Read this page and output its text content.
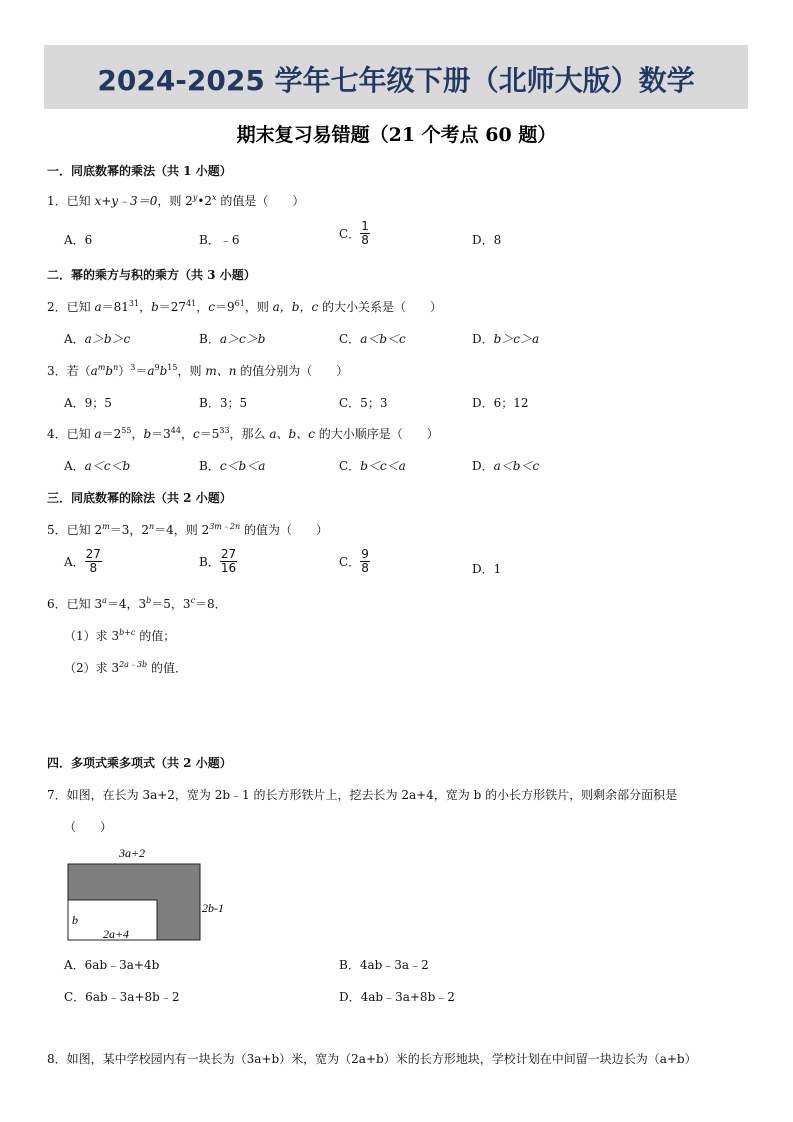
2024-2025 学年七年级下册（北师大版）数学
期末复习易错题（21 个考点 60 题）
一．同底数幂的乘法（共 1 小题）
1．已知 x+y﹣3＝0，则 2$^y$•2$^x$ 的值是（　　）
A．6	B．﹣6	C． $\frac{1}{8}$	D．8
二．幂的乘方与积的乘方（共 3 小题）
2．已知 $a=81^{31}$，$b=27^{41}$，$c=9^{61}$，则 a，b，c 的大小关系是（　　）
A．a＞b＞c	B．a＞c＞b	C．a＜b＜c	D．b＞c＞a
3．若$(a^mb^n)^3=a^9b^{15}$，则 m、n 的值分别为（　　）
A．9；5	B．3；5	C．5；3	D．6；12
4．已知 $a=2^{55}$，$b=3^{44}$，$c=5^{33}$，那么 a、b、c 的大小顺序是（　　）
A．a＜c＜b	B．c＜b＜a	C．b＜c＜a	D．a＜b＜c
三．同底数幂的除法（共 2 小题）
5．已知 $2^m=3$，$2^n=4$，则 $2^{3m﹣2n}$ 的值为（　　）
A． $\frac{27}{8}$	B． $\frac{27}{16}$	C． $\frac{9}{8}$	D．1
6．已知 $3^a=4$，$3^b=5$，$3^c=8$．
（1）求 $3^{b+c}$ 的值；
（2）求 $3^{2a﹣3b}$ 的值．
四．多项式乘多项式（共 2 小题）
7．如图，在长为 3a+2，宽为 2b﹣1 的长方形铁片上，挖去长为 2a+4，宽为 b 的小长方形铁片，则剩余部分面积是
（　　）
3a+2
2b-1
b
2a+4
A．6ab﹣3a+4b	B．4ab﹣3a﹣2
C．6ab﹣3a+8b﹣2	D．4ab﹣3a+8b﹣2
8．如图，某中学校园内有一块长为（3a+b）米，宽为（2a+b）米的长方形地块，学校计划在中间留一块边长为（a+b）
